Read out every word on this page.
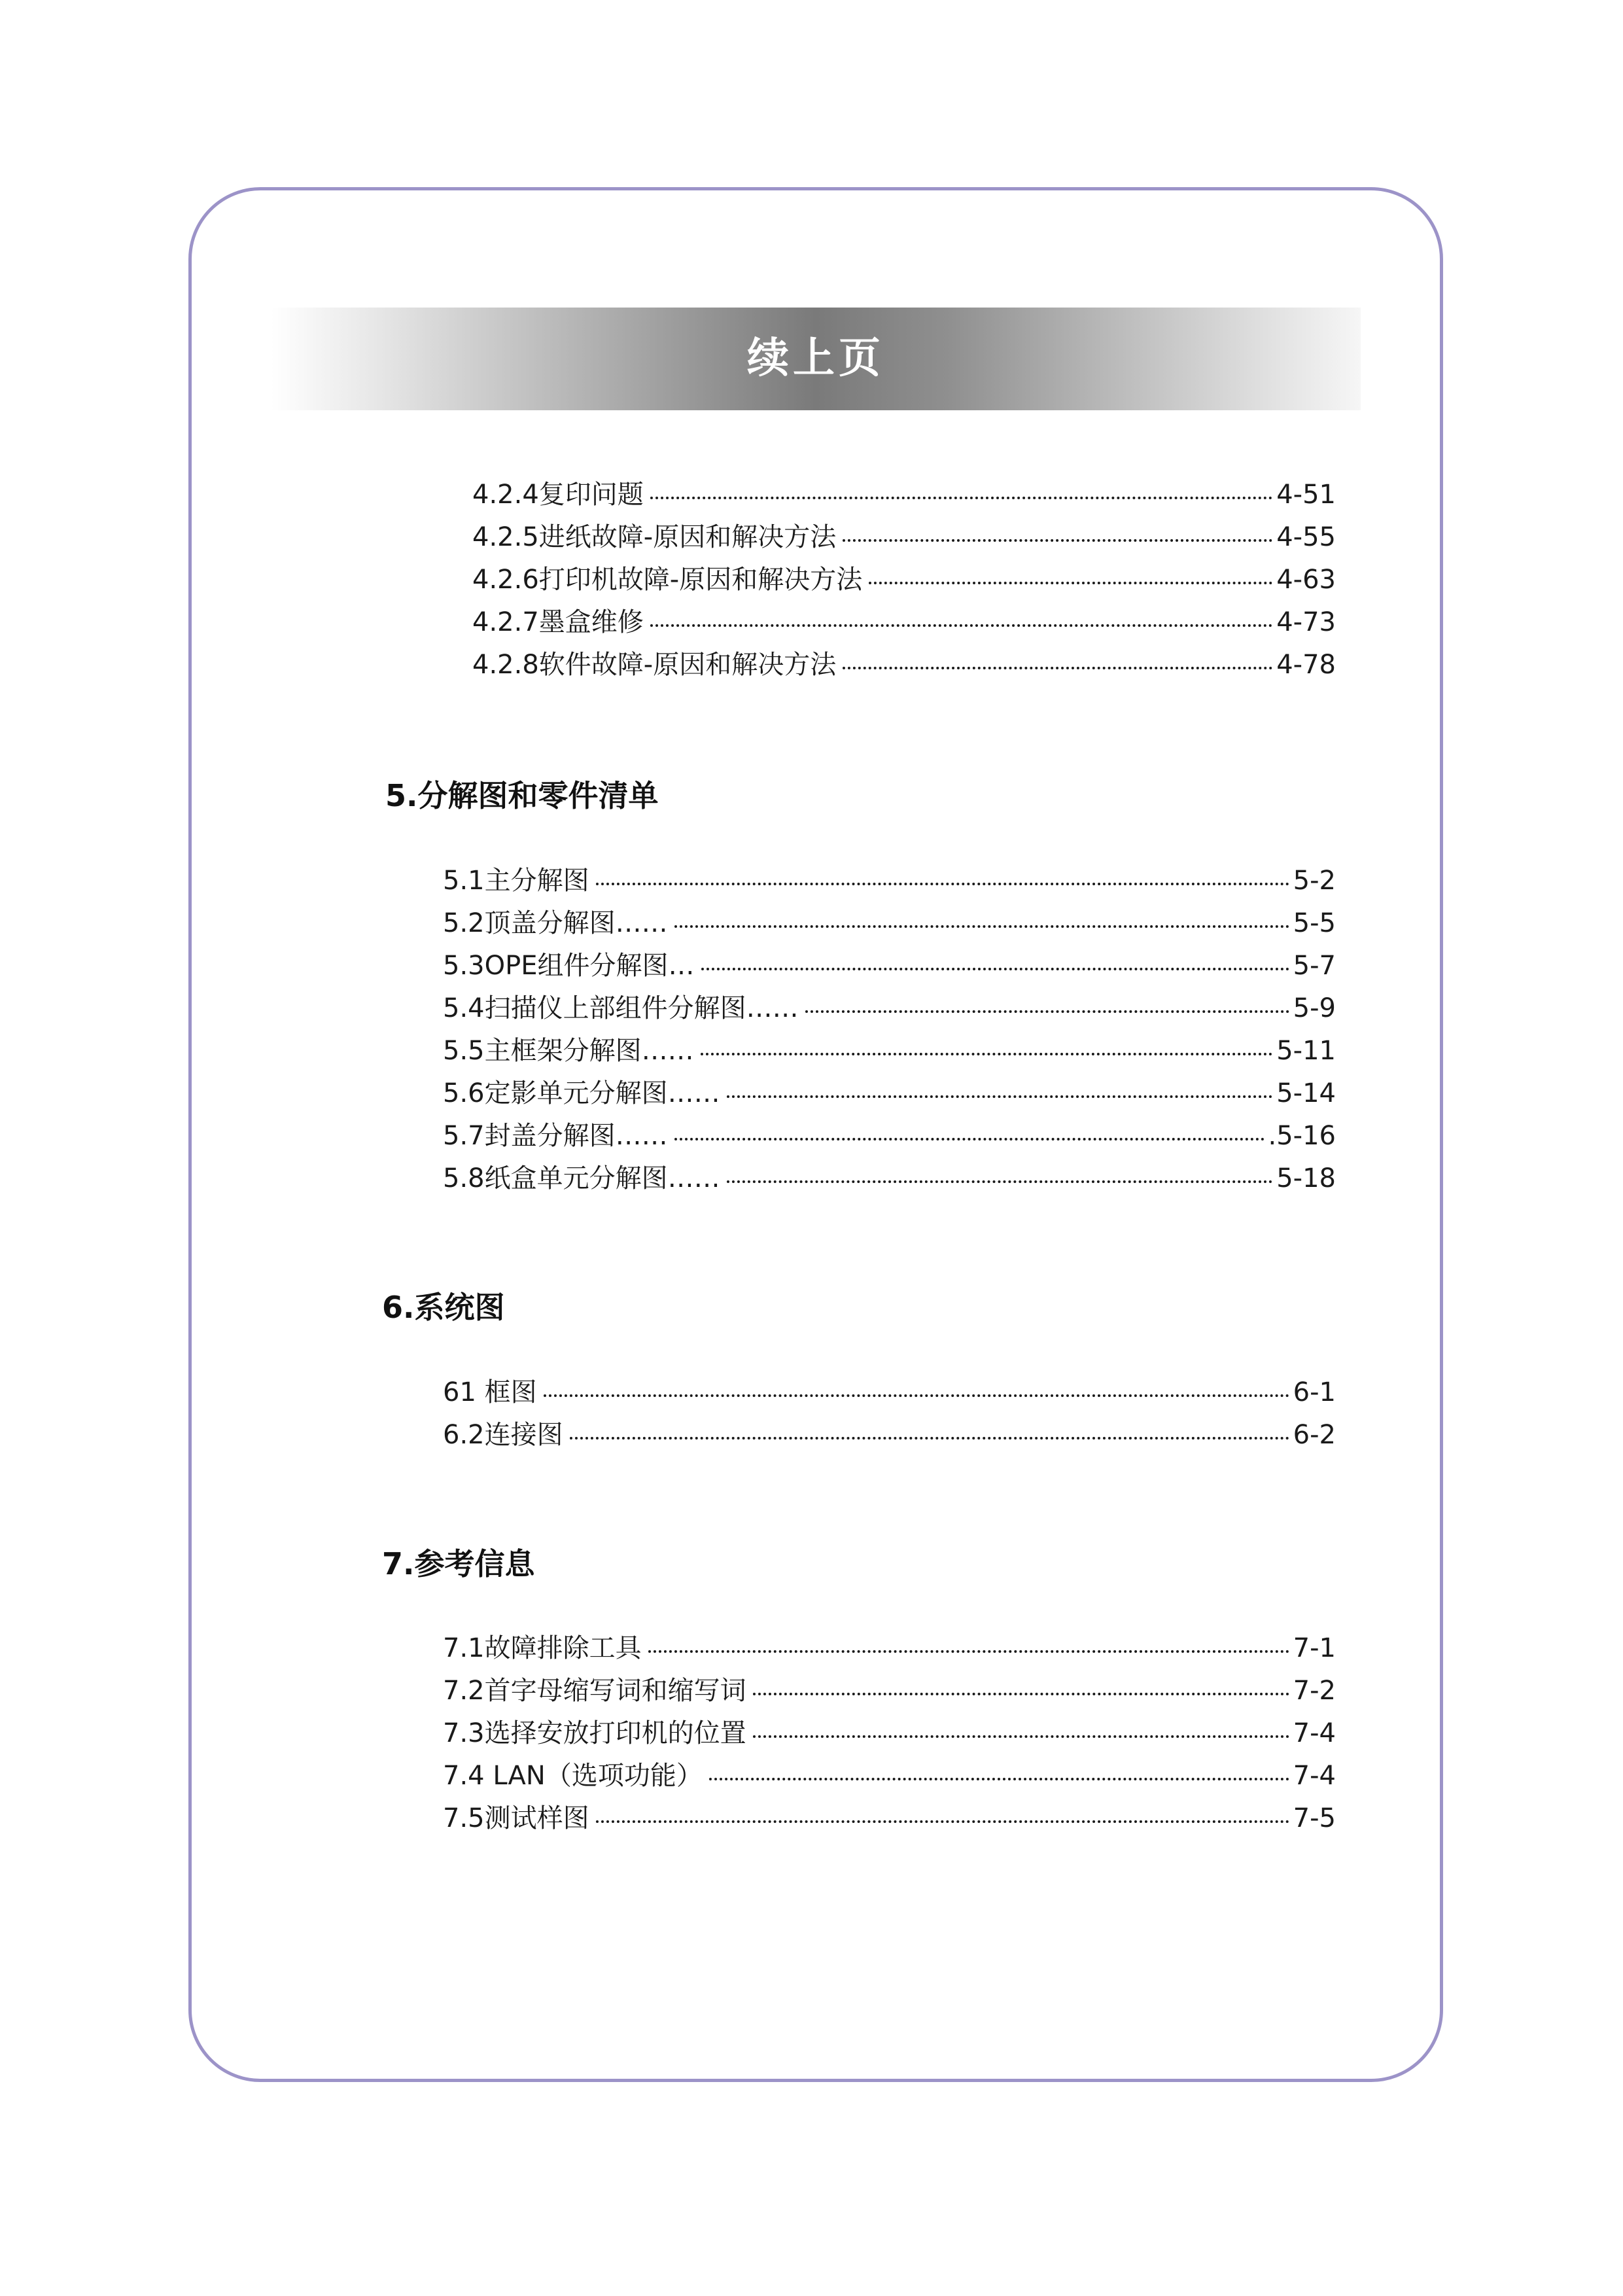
续上页
4.2.4复印问题	4-51
4.2.5进纸故障-原因和解决方法	4-55
4.2.6打印机故障-原因和解决方法	4-63
4.2.7墨盒维修	4-73
4.2.8软件故障-原因和解决方法	4-78
5.分解图和零件清单
5.1主分解图	5-2
5.2顶盖分解图……	5-5
5.3OPE组件分解图…	5-7
5.4扫描仪上部组件分解图……	5-9
5.5主框架分解图……	5-11
5.6定影单元分解图……	5-14
5.7封盖分解图……	.5-16
5.8纸盒单元分解图……	5-18
6.系统图
61 框图	6-1
6.2连接图	6-2
7.参考信息
7.1故障排除工具	7-1
7.2首字母缩写词和缩写词	7-2
7.3选择安放打印机的位置	7-4
7.4 LAN（选项功能）	7-4
7.5测试样图	7-5
